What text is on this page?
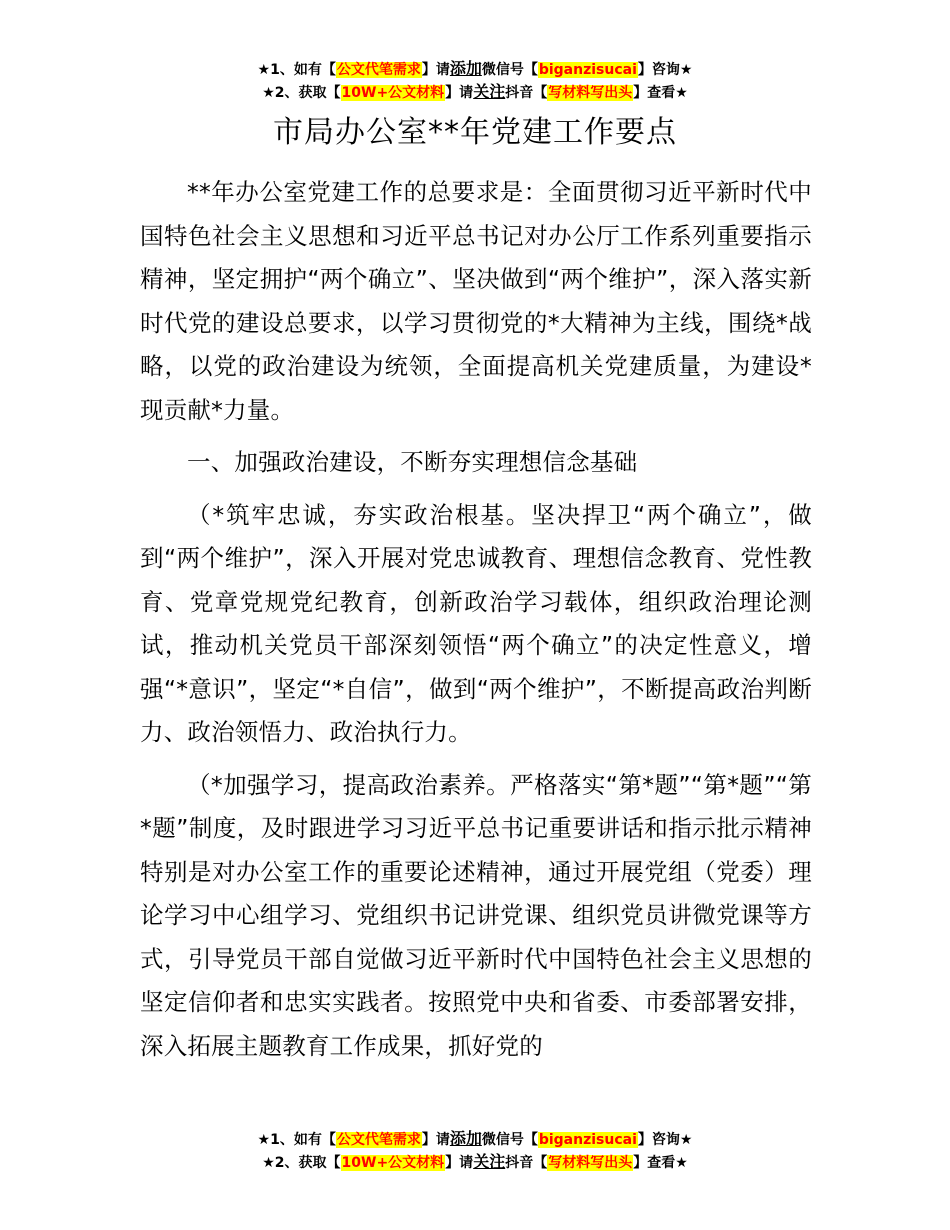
★1、如有【公文代笔需求】请添加微信号【biganzisucai】咨询★
★2、获取【10W+公文材料】请关注抖音【写材料写出头】查看★
市局办公室**年党建工作要点

**年办公室党建工作的总要求是：全面贯彻习近平新时代中国特色社会主义思想和习近平总书记对办公厅工作系列重要指示精神，坚定拥护“两个确立”、坚决做到“两个维护”，深入落实新时代党的建设总要求，以学习贯彻党的*大精神为主线，围绕*战略，以党的政治建设为统领，全面提高机关党建质量，为建设*现贡献*力量。

一、加强政治建设，不断夯实理想信念基础

（*筑牢忠诚，夯实政治根基。坚决捍卫“两个确立”，做到“两个维护”，深入开展对党忠诚教育、理想信念教育、党性教育、党章党规党纪教育，创新政治学习载体，组织政治理论测试，推动机关党员干部深刻领悟“两个确立”的决定性意义，增强“*意识”，坚定“*自信”，做到“两个维护”，不断提高政治判断力、政治领悟力、政治执行力。

（*加强学习，提高政治素养。严格落实“第*题”“第*题”“第*题”制度，及时跟进学习习近平总书记重要讲话和指示批示精神特别是对办公室工作的重要论述精神，通过开展党组（党委）理论学习中心组学习、党组织书记讲党课、组织党员讲微党课等方式，引导党员干部自觉做习近平新时代中国特色社会主义思想的坚定信仰者和忠实实践者。按照党中央和省委、市委部署安排，深入拓展主题教育工作成果，抓好党的

★1、如有【公文代笔需求】请添加微信号【biganzisucai】咨询★
★2、获取【10W+公文材料】请关注抖音【写材料写出头】查看★
